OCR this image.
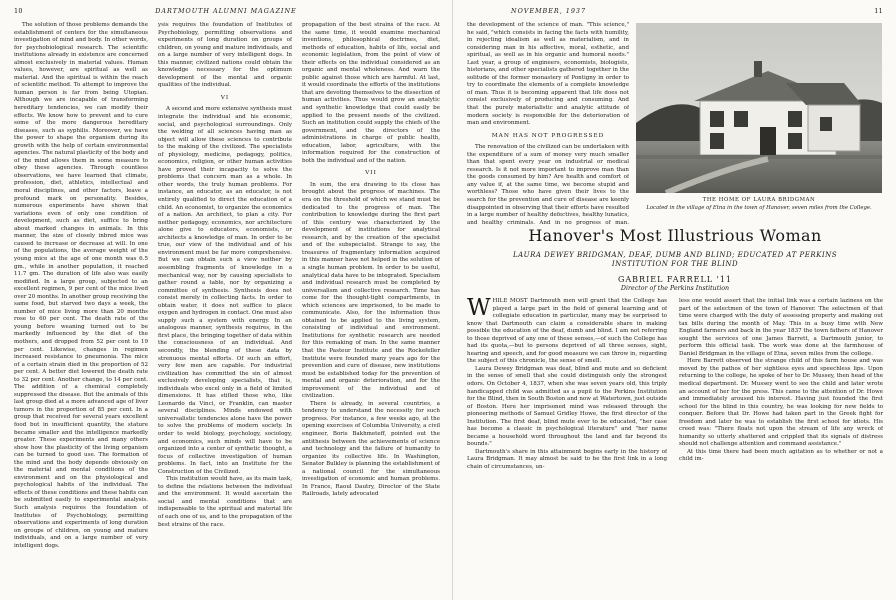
10	DARTMOUTH ALUMNI MAGAZINE

The solution of those problems demands the establishment of centers for the simultaneous investigation of mind and body. In other words, for psychobiological research. The scientific institutions already in existence are concerned almost exclusively in material values. Human values, however, are spiritual as well as material. And the spiritual is within the reach of scientific method. To attempt to improve the human person is far from being Utopian. Although we are incapable of transforming hereditary tendencies, we can modify their effects. We know how to prevent and to cure some of the more dangerous hereditary diseases, such as syphilis. Moreover, we have the power to shape the organism during its growth with the help of certain environmental agencies. The natural plasticity of the body and of the mind allows them in some measure to obey these agencies. Through countless observations, we have learned that climate, profession, diet, athletics, intellectual and moral disciplines, and other factors, leave a profound mark on personality. Besides, numerous experiments have shown that variations even of only one condition of development, such as diet, suffice to bring about marked changes in animals. In this manner, the size of closely inbred mice was caused to increase or decrease at will. In one of the populations, the average weight of the young mice at the age of one month was 6.5 gm., while in another population, it reached 11.7 gm. The duration of life also was easily modified. In a large group, subjected to an excellent regimen, 9 per cent of the mice lived over 20 months. In another group receiving the same food, but starved two days a week, the number of mice living more than 20 months rose to 60 per cent. The death rate of the young before weaning turned out to be markedly influenced by the diet of the mothers, and dropped from 52 per cent to 19 per cent. Likewise, changes in regimen increased resistance to pneumonia. The mice of a certain strain died in the proportion of 52 per cent. A better diet lowered the death rate to 32 per cent. Another change, to 14 per cent. The addition of a chemical completely suppressed the disease. But the animals of this last group died at a more advanced age of liver tumors in the proportion of 85 per cent. In a group that received for several years excellent food but in insufficient quantity, the stature became smaller and the intelligence markedly greater. These experiments and many others show how the plasticity of the living organism can be turned to good use. The formation of the mind and the body depends obviously on the material and mental conditions of the environment and on the physiological and psychological habits of the individual. The effects of these conditions and these habits can be submitted easily to experimental analysis. Such analysis requires the foundation of Institutes of Psychobiology, permitting observations and experiments of long duration on groups of children, on young and mature individuals, and on a large number of very intelligent dogs.

ysis requires the foundation of Institutes of Psychobiology, permitting observations and experiments of long duration on groups of children, on young and mature individuals, and on a large number of very intelligent dogs. In this manner, civilized nations could obtain the knowledge necessary for the optimum development of the mental and organic qualities of the individual.

VI

A second and more extensive synthesis must integrate the individual and his economic, social, and psychological surroundings. Only the welding of all sciences having man as object will allow these sciences to contribute to the making of the civilized. The specialists of physiology, medicine, pedagogy, politics, economics, religion, or other human activities have proved their incapacity to solve the problems that concern man as a whole. In other words, the truly human problems. For instance, an educator, as an educator, is not entirely qualified to direct the education of a child. An economist, to organize the economics of a nation. An architect, to plan a city. For neither pedagogy, economics, nor architecture alone give to educators, economists, or architects a knowledge of man. In order to be true, our view of the individual and of his environment must be far more comprehensive. But we can obtain such a view neither by assembling fragments of knowledge in a mechanical way, nor by causing specialists to gather round a table, nor by organizing a committee of synthesis. Synthesis does not consist merely in collecting facts. In order to obtain water, it does not suffice to place oxygen and hydrogen in contact. One must also supply such a system with energy. In an analogous manner, synthesis requires, in the first place, the bringing together of data within the consciousness of an individual. And secondly, the blending of these data by strenuous mental efforts. Of such an effort, very few men are capable. For industrial civilization has committed the sin of almost exclusively developing specialists, that is, individuals who excel only in a field of limited dimensions. It has stifled those who, like Leonardo da Vinci, or Franklin, can master several disciplines. Minds endowed with universalistic tendencies alone have the power to solve the problems of modern society. In order to weld biology, psychology, sociology, and economics, such minds will have to be organized into a center of synthetic thought, a focus of collective investigation of human problems. In fact, into an Institute for the Construction of the Civilized.

This institution would have, as its main task, to define the relations between the individual and the environment. It would ascertain the social and mental conditions that are indispensable to the spiritual and material life of each one of us, and to the propagation of the best strains of the race.

propagation of the best strains of the race. At the same time, it would examine mechanical inventions, philosophical doctrines, diet, methods of education, habits of life, social and economic legislation, from the point of view of their effects on the individual considered as an organic and mental wholeness. And warn the public against those which are harmful. At last, it would coordinate the efforts of the institutions that are devoting themselves to the dissection of human activities. Thus would grow an analytic and synthetic knowledge that could easily be applied to the present needs of the civilized. Such an institution could supply the chiefs of the government, and the directors of the administrations in charge of public health, education, labor, agriculture, with the information required for the construction of both the individual and of the nation.

VII

In sum, the era drawing to its close has brought about the progress of machines. The era on the threshold of which we stand must be dedicated to the progress of man. The contribution to knowledge during the first part of this century was characterized by the development of institutions for analytical research, and by the creation of the specialist and of the subspecialist. Strange to say, the treasures of fragmentary information acquired in this manner have not helped in the solution of a single human problem. In order to be useful, analytical data have to be integrated. Specialism and individual research must be completed by universalism and collective research. Time has come for the thought-tight compartments, in which sciences are imprisoned, to be made to communicate. Also, for the information thus obtained to be applied to the living system, consisting of individual and environment. Institutions for synthetic research are needed for this remaking of man. In the same manner that the Pasteur Institute and the Rockefeller Institute were founded many years ago for the prevention and cure of disease, new institutions must be established today for the prevention of mental and organic deterioration, and for the improvement of the individual and of civilization.

There is already, in several countries, a tendency to understand the necessity for such progress. For instance, a few weeks ago, at the opening exercises of Columbia University, a civil engineer, Boris Bakhmeteff, pointed out the antithesis between the achievements of science and technology and the failure of humanity to organize its collective life. In Washington, Senator Bulkley is planning the establishment of a national council for the simultaneous investigation of economic and human problems. In France, Raoul Dautry, Director of the State Railroads, lately advocated

NOVEMBER, 1937	11

the development of the science of man. "This science," he said, "which consists in facing the facts with humility, in rejecting idealism as well as materialism, and in considering man in his affective, moral, esthetic, and spiritual, as well as in his organic and humoral needs." Last year, a group of engineers, economists, biologists, historians, and other specialists gathered together in the solitude of the former monastery of Pontigny in order to try to coordinate the elements of a complete knowledge of man. Thus it is becoming apparent that life does not consist exclusively of producing and consuming. And that the purely materialistic and analytic attitude of modern society is responsible for the deterioration of man and environment.

MAN HAS NOT PROGRESSED

The renovation of the civilized can be undertaken with the expenditure of a sum of money very much smaller than that spent every year on industrial or medical research. Is it not more important to improve man than the goods consumed by him? Are health and comfort of any value if, at the same time, we become stupid and worthless? Those who have given their lives to the search for the prevention and cure of disease are keenly disappointed in observing that their efforts have resulted in a large number of healthy defectives, healthy lunatics, and healthy criminals. And in no progress of man.

THE HOME OF LAURA BRIDGMAN
Located in the village of Etna in the town of Hanover, seven miles from the College.
Hanover's Most Illustrious Woman
LAURA DEWEY BRIDGMAN, DEAF, DUMB AND BLIND; EDUCATED AT PERKINS INSTITUTION FOR THE BLIND
GABRIEL FARRELL '11
Director of the Perkins Institution

WHILE MOST Dartmouth men will grant that the College has played a large part in the field of general learning and of collegiate education in particular, many may be surprised to know that Dartmouth can claim a considerable share in making possible the education of the deaf, dumb and blind. I am not referring to those deprived of any one of these senses,—of such the College has had its quota,—but to persons deprived of all three senses, sight, hearing and speech, and for good measure we can throw in, regarding the subject of this chronicle, the sense of smell.

Laura Dewey Bridgman was deaf, blind and mute and so deficient in the sense of smell that she could distinguish only the strongest odors. On October 4, 1837, when she was seven years old, this triply handicapped child was admitted as a pupil to the Perkins Institution for the Blind, then in South Boston and now at Watertown, just outside of Boston. Here her imprisoned mind was released through the pioneering methods of Samuel Gridley Howe, the first director of the Institution. The first deaf, blind mute ever to be educated, "her case has become a classic in psychological literature" and "her name became a household word throughout the land and far beyond its bounds."

Dartmouth's share in this attainment begins early in the history of Laura Bridgman. It may almost be said to be the first link in a long chain of circumstances, un-

less one would assert that the initial link was a certain laziness on the part of the selectmen of the town of Hanover. The selectmen of that time were charged with the duty of assessing property and making out tax bills during the month of May. This in a busy time with New England farmers and back in the year 1837 the town fathers of Hanover sought the services of one James Barrett, a Dartmouth junior, to perform this official task. The work was done at the farmhouse of Daniel Bridgman in the village of Etna, seven miles from the college.

Here Barrett observed the strange child of this farm house and was moved by the pathos of her sightless eyes and speechless lips. Upon returning to the college, he spoke of her to Dr. Mussey, then head of the medical department. Dr. Mussey went to see the child and later wrote an account of her for the press. This came to the attention of Dr. Howe and immediately aroused his interest. Having just founded the first school for the blind in this country, he was looking for new fields to conquer. Before that Dr. Howe had taken part in the Greek fight for freedom and later he was to establish the first school for idiots. His creed was: "There floats not upon the stream of life any wreck of humanity so utterly shattered and crippled that its signals of distress should not challenge attention and command assistance."

At this time there had been much agitation as to whether or not a child im-
